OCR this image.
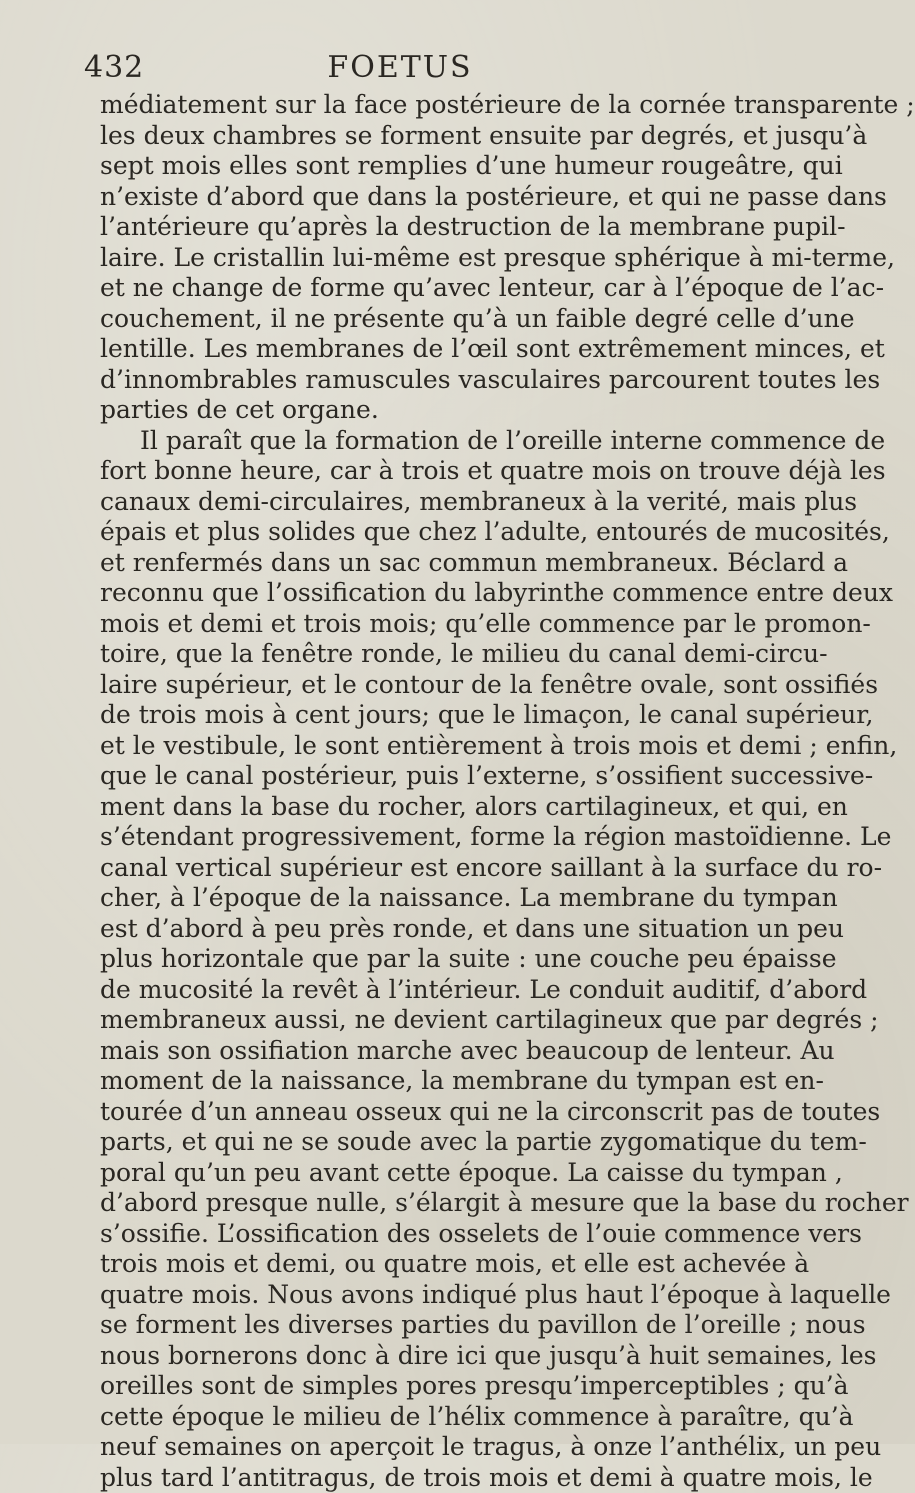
432	FOETUS
médiatement sur la face postérieure de la cornée transparente ;
les deux chambres se forment ensuite par degrés, et jusqu’à
sept mois elles sont remplies d’une humeur rougeâtre, qui
n’existe d’abord que dans la postérieure, et qui ne passe dans
l’antérieure qu’après la destruction de la membrane pupil-
laire. Le cristallin lui-même est presque sphérique à mi-terme,
et ne change de forme qu’avec lenteur, car à l’époque de l’ac-
couchement, il ne présente qu’à un faible degré celle d’une
lentille. Les membranes de l’œil sont extrêmement minces, et
d’innombrables ramuscules vasculaires parcourent toutes les
parties de cet organe.
Il paraît que la formation de l’oreille interne commence de
fort bonne heure, car à trois et quatre mois on trouve déjà les
canaux demi-circulaires, membraneux à la verité, mais plus
épais et plus solides que chez l’adulte, entourés de mucosités,
et renfermés dans un sac commun membraneux. Béclard a
reconnu que l’ossification du labyrinthe commence entre deux
mois et demi et trois mois; qu’elle commence par le promon-
toire, que la fenêtre ronde, le milieu du canal demi-circu-
laire supérieur, et le contour de la fenêtre ovale, sont ossifiés
de trois mois à cent jours; que le limaçon, le canal supérieur,
et le vestibule, le sont entièrement à trois mois et demi ; enfin,
que le canal postérieur, puis l’externe, s’ossifient successive-
ment dans la base du rocher, alors cartilagineux, et qui, en
s’étendant progressivement, forme la région mastoïdienne. Le
canal vertical supérieur est encore saillant à la surface du ro-
cher, à l’époque de la naissance. La membrane du tympan
est d’abord à peu près ronde, et dans une situation un peu
plus horizontale que par la suite : une couche peu épaisse
de mucosité la revêt à l’intérieur. Le conduit auditif, d’abord
membraneux aussi, ne devient cartilagineux que par degrés ;
mais son ossifiation marche avec beaucoup de lenteur. Au
moment de la naissance, la membrane du tympan est en-
tourée d’un anneau osseux qui ne la circonscrit pas de toutes
parts, et qui ne se soude avec la partie zygomatique du tem-
poral qu’un peu avant cette époque. La caisse du tympan ,
d’abord presque nulle, s’élargit à mesure que la base du rocher
s’ossifie. L’ossification des osselets de l’ouie commence vers
trois mois et demi, ou quatre mois, et elle est achevée à
quatre mois. Nous avons indiqué plus haut l’époque à laquelle
se forment les diverses parties du pavillon de l’oreille ; nous
nous bornerons donc à dire ici que jusqu’à huit semaines, les
oreilles sont de simples pores presqu’imperceptibles ; qu’à
cette époque le milieu de l’hélix commence à paraître, qu’à
neuf semaines on aperçoit le tragus, à onze l’anthélix, un peu
plus tard l’antitragus, de trois mois et demi à quatre mois, le
